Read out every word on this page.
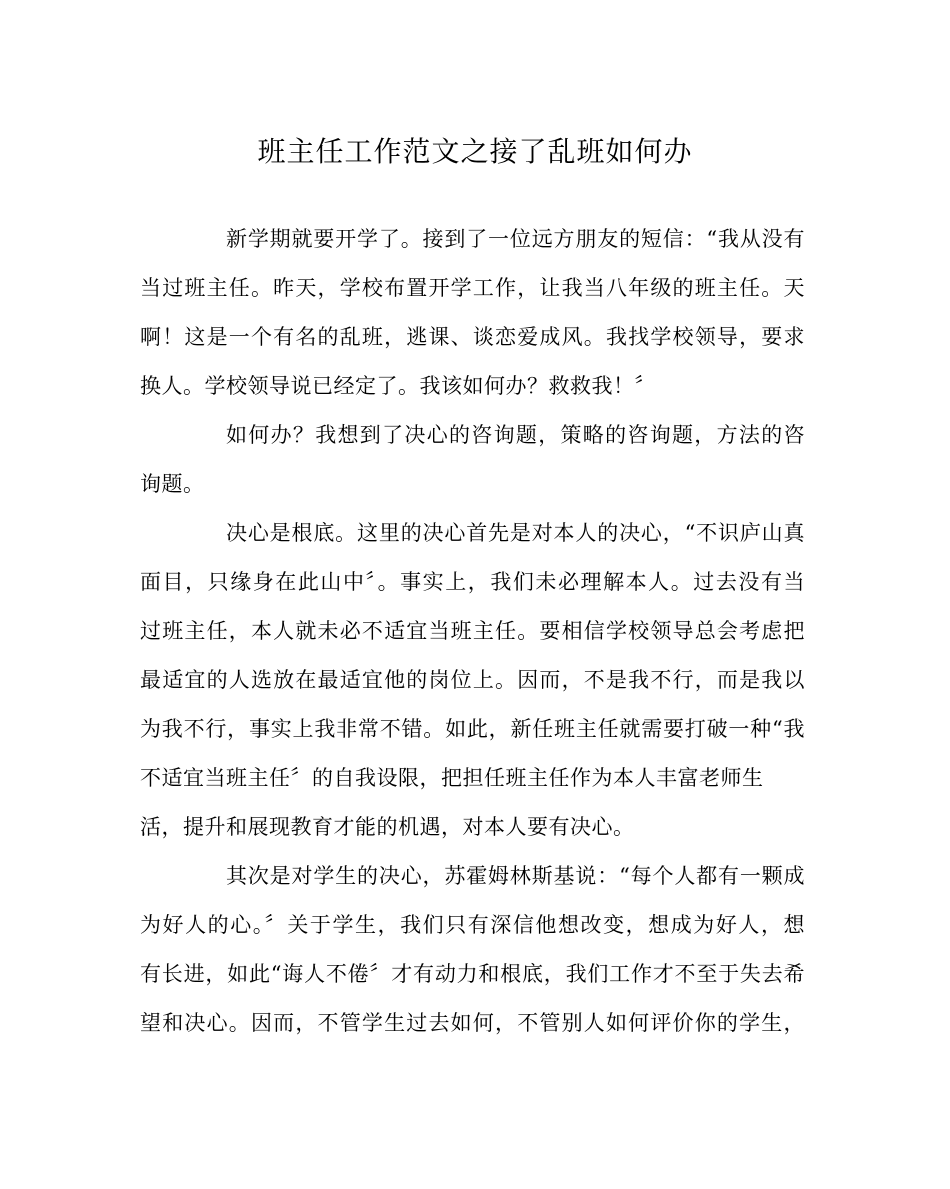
班主任工作范文之接了乱班如何办
新学期就要开学了。接到了一位远方朋友的短信：“我从没有
当过班主任。昨天，学校布置开学工作，让我当八年级的班主任。天
啊！这是一个有名的乱班，逃课、谈恋爱成风。我找学校领导，要求
换人。学校领导说已经定了。我该如何办？救救我！〞
如何办？我想到了决心的咨询题，策略的咨询题，方法的咨
询题。
决心是根底。这里的决心首先是对本人的决心，“不识庐山真
面目，只缘身在此山中〞。事实上，我们未必理解本人。过去没有当
过班主任，本人就未必不适宜当班主任。要相信学校领导总会考虑把
最适宜的人选放在最适宜他的岗位上。因而，不是我不行，而是我以
为我不行，事实上我非常不错。如此，新任班主任就需要打破一种“我
不适宜当班主任〞的自我设限，把担任班主任作为本人丰富老师生
活，提升和展现教育才能的机遇，对本人要有决心。
其次是对学生的决心，苏霍姆林斯基说：“每个人都有一颗成
为好人的心。〞关于学生，我们只有深信他想改变，想成为好人，想
有长进，如此“诲人不倦〞才有动力和根底，我们工作才不至于失去希
望和决心。因而，不管学生过去如何，不管别人如何评价你的学生，
